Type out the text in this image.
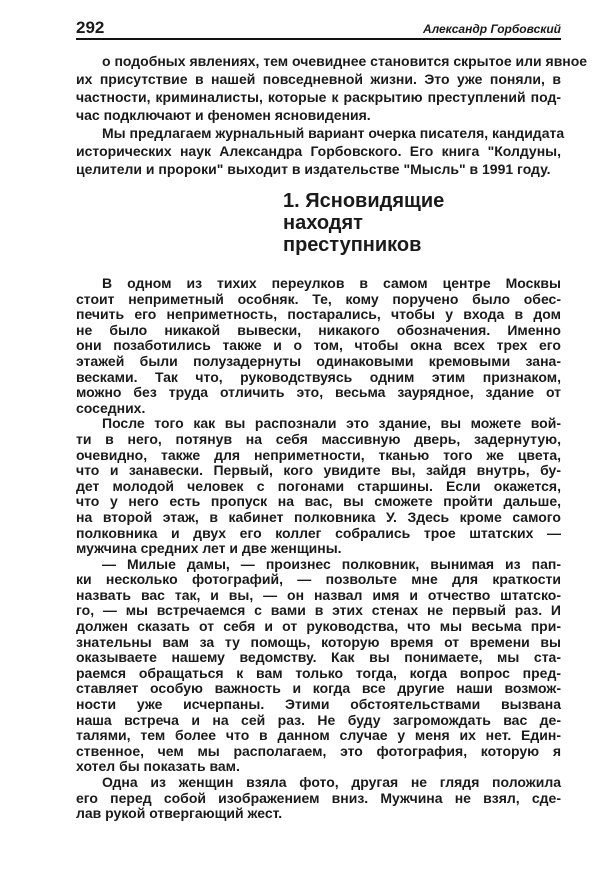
292	Александр Горбовский
о подобных явлениях, тем очевиднее становится скрытое или явное
их присутствие в нашей повседневной жизни. Это уже поняли, в
частности, криминалисты, которые к раскрытию преступлений под-
час подключают и феномен ясновидения.
Мы предлагаем журнальный вариант очерка писателя, кандидата
исторических наук Александра Горбовского. Его книга "Колдуны,
целители и пророки" выходит в издательстве "Мысль" в 1991 году.
1. Ясновидящие
находят
преступников
В одном из тихих переулков в самом центре Москвы
стоит неприметный особняк. Те, кому поручено было обес-
печить его неприметность, постарались, чтобы у входа в дом
не было никакой вывески, никакого обозначения. Именно
они позаботились также и о том, чтобы окна всех трех его
этажей были полузадернуты одинаковыми кремовыми зана-
весками. Так что, руководствуясь одним этим признаком,
можно без труда отличить это, весьма заурядное, здание от
соседних.
После того как вы распознали это здание, вы можете вой-
ти в него, потянув на себя массивную дверь, задернутую,
очевидно, также для неприметности, тканью того же цвета,
что и занавески. Первый, кого увидите вы, зайдя внутрь, бу-
дет молодой человек с погонами старшины. Если окажется,
что у него есть пропуск на вас, вы сможете пройти дальше,
на второй этаж, в кабинет полковника У. Здесь кроме самого
полковника и двух его коллег собрались трое штатских —
мужчина средних лет и две женщины.
— Милые дамы, — произнес полковник, вынимая из пап-
ки несколько фотографий, — позвольте мне для краткости
назвать вас так, и вы, — он назвал имя и отчество штатско-
го, — мы встречаемся с вами в этих стенах не первый раз. И
должен сказать от себя и от руководства, что мы весьма при-
знательны вам за ту помощь, которую время от времени вы
оказываете нашему ведомству. Как вы понимаете, мы ста-
раемся обращаться к вам только тогда, когда вопрос пред-
ставляет особую важность и когда все другие наши возмож-
ности уже исчерпаны. Этими обстоятельствами вызвана
наша встреча и на сей раз. Не буду загромождать вас де-
талями, тем более что в данном случае у меня их нет. Един-
ственное, чем мы располагаем, это фотография, которую я
хотел бы показать вам.
Одна из женщин взяла фото, другая не глядя положила
его перед собой изображением вниз. Мужчина не взял, сде-
лав рукой отвергающий жест.
